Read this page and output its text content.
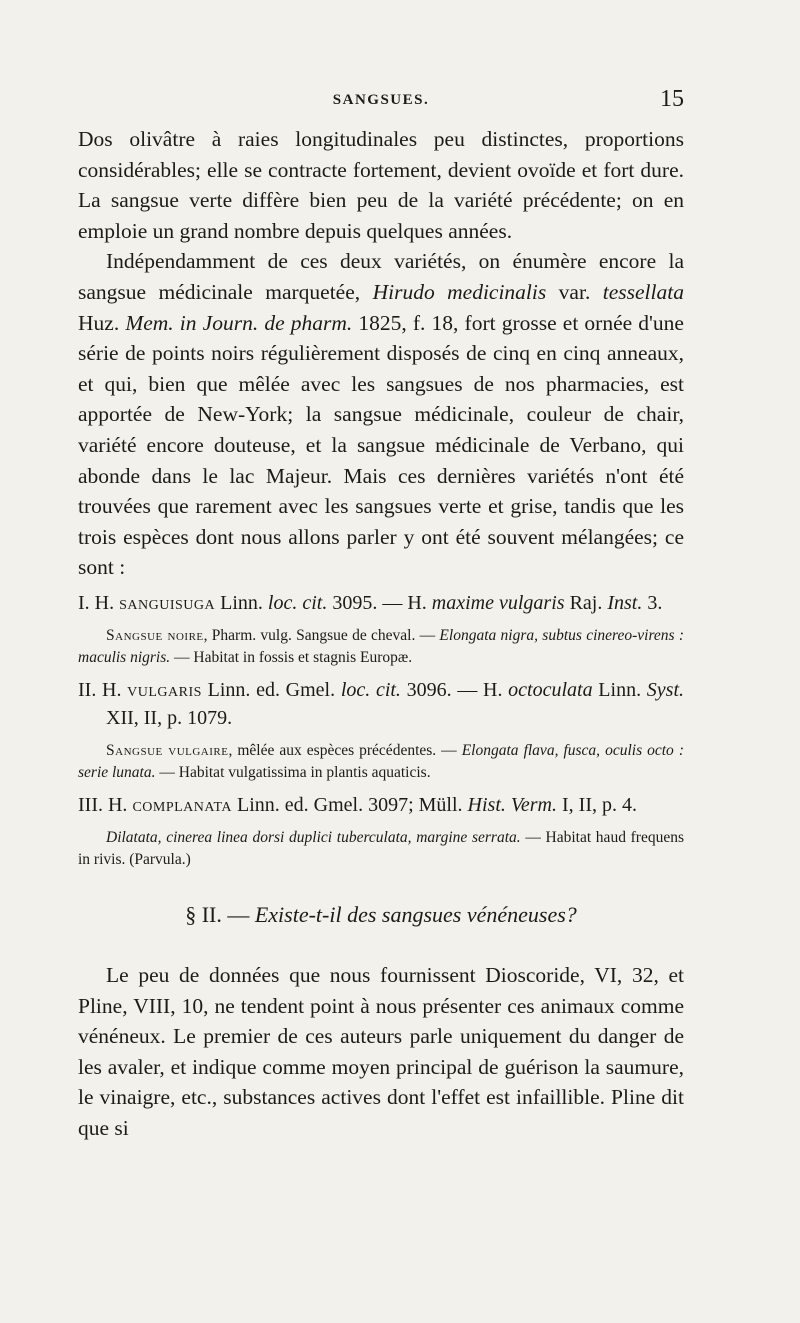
SANGSUES.	15

Dos olivâtre à raies longitudinales peu distinctes, proportions considérables; elle se contracte fortement, devient ovoïde et fort dure. La sangsue verte diffère bien peu de la variété précédente; on en emploie un grand nombre depuis quelques années.

Indépendamment de ces deux variétés, on énumère encore la sangsue médicinale marquetée, Hirudo medicinalis var. tessellata Huz. Mem. in Journ. de pharm. 1825, f. 18, fort grosse et ornée d'une série de points noirs régulièrement disposés de cinq en cinq anneaux, et qui, bien que mêlée avec les sangsues de nos pharmacies, est apportée de New-York; la sangsue médicinale, couleur de chair, variété encore douteuse, et la sangsue médicinale de Verbano, qui abonde dans le lac Majeur. Mais ces dernières variétés n'ont été trouvées que rarement avec les sangsues verte et grise, tandis que les trois espèces dont nous allons parler y ont été souvent mélangées; ce sont :

I. H. sanguisuga Linn. loc. cit. 3095. — H. maxime vulgaris Raj. Inst. 3.

Sangsue noire, Pharm. vulg. Sangsue de cheval. — Elongata nigra, subtus cinereo-virens : maculis nigris. — Habitat in fossis et stagnis Europæ.

II. H. vulgaris Linn. ed. Gmel. loc. cit. 3096. — H. octoculata Linn. Syst. XII, II, p. 1079.

Sangsue vulgaire, mêlée aux espèces précédentes. — Elongata flava, fusca, oculis octo : serie lunata. — Habitat vulgatissima in plantis aquaticis.

III. H. complanata Linn. ed. Gmel. 3097; Müll. Hist. Verm. I, II, p. 4.

Dilatata, cinerea linea dorsi duplici tuberculata, margine serrata. — Habitat haud frequens in rivis. (Parvula.)

§ II. — Existe-t-il des sangsues vénéneuses?

Le peu de données que nous fournissent Dioscoride, VI, 32, et Pline, VIII, 10, ne tendent point à nous présenter ces animaux comme vénéneux. Le premier de ces auteurs parle uniquement du danger de les avaler, et indique comme moyen principal de guérison la saumure, le vinaigre, etc., substances actives dont l'effet est infaillible. Pline dit que si
